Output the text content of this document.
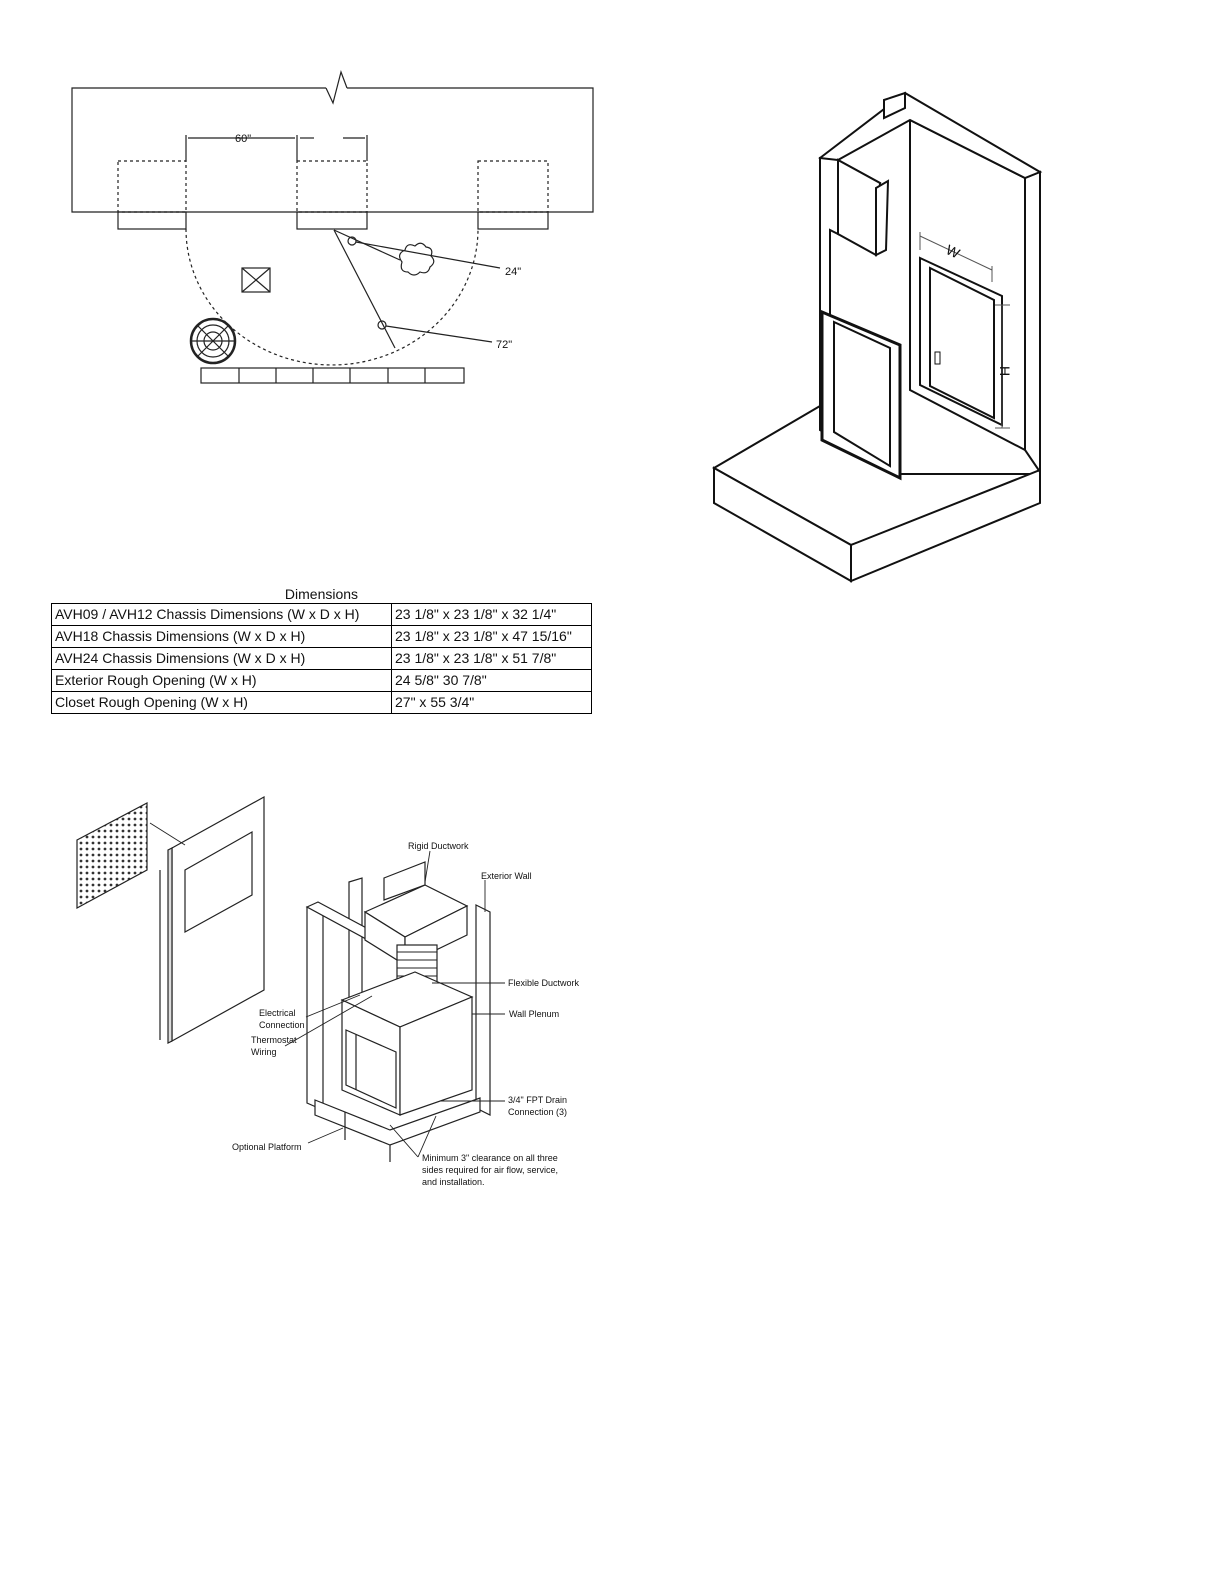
60"
24"
72"
W
H
Dimensions
AVH09 / AVH12 Chassis Dimensions (W x D x H)	23 1/8" x 23 1/8" x 32 1/4"
AVH18 Chassis Dimensions (W x D x H)	23 1/8" x 23 1/8" x 47 15/16"
AVH24 Chassis Dimensions (W x D x H)	23 1/8" x 23 1/8" x 51 7/8"
Exterior Rough Opening (W x H)	24 5/8" 30 7/8"
Closet Rough Opening (W x H)	27" x 55 3/4"
Rigid Ductwork
Exterior Wall
Flexible Ductwork
Wall Plenum
Electrical
Connection
Thermostat
Wiring
3/4" FPT Drain
Connection (3)
Optional Platform
Minimum 3" clearance on all three
sides required for air flow, service,
and installation.
